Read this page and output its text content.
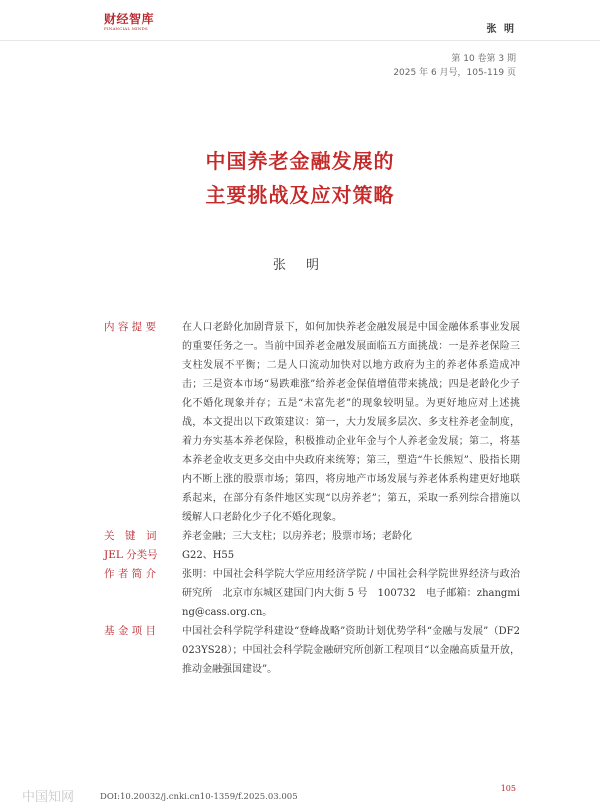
财经智库
FINANCIAL MINDS	张 明
第 10 卷第 3 期
2025 年 6 月号，105-119 页
中国养老金融发展的
主要挑战及应对策略
张 明
内 容 提 要	在人口老龄化加剧背景下，如何加快养老金融发展是中国金融体系事业发展的重要任务之一。当前中国养老金融发展面临五方面挑战：一是养老保险三支柱发展不平衡；二是人口流动加快对以地方政府为主的养老体系造成冲击；三是资本市场“易跌难涨”给养老金保值增值带来挑战；四是老龄化少子化不婚化现象并存；五是“未富先老”的现象较明显。为更好地应对上述挑战，本文提出以下政策建议：第一，大力发展多层次、多支柱养老金制度，着力夯实基本养老保险，积极推动企业年金与个人养老金发展；第二，将基本养老金收支更多交由中央政府来统筹；第三，塑造“牛长熊短”、股指长期内不断上涨的股票市场；第四，将房地产市场发展与养老体系构建更好地联系起来，在部分有条件地区实现“以房养老”；第五，采取一系列综合措施以缓解人口老龄化少子化不婚化现象。
关　键　词	养老金融；三大支柱；以房养老；股票市场；老龄化
JEL 分类号	G22、H55
作 者 简 介	张明：中国社会科学院大学应用经济学院 / 中国社会科学院世界经济与政治研究所　北京市东城区建国门内大街 5 号　100732　电子邮箱：zhangming@cass.org.cn。
基 金 项 目	中国社会科学院学科建设“登峰战略”资助计划优势学科“金融与发展”（DF2023YS28）；中国社会科学院金融研究所创新工程项目“以金融高质量开放，推动金融强国建设”。
中国知网	DOI:10.20032/j.cnki.cn10-1359/f.2025.03.005
105
